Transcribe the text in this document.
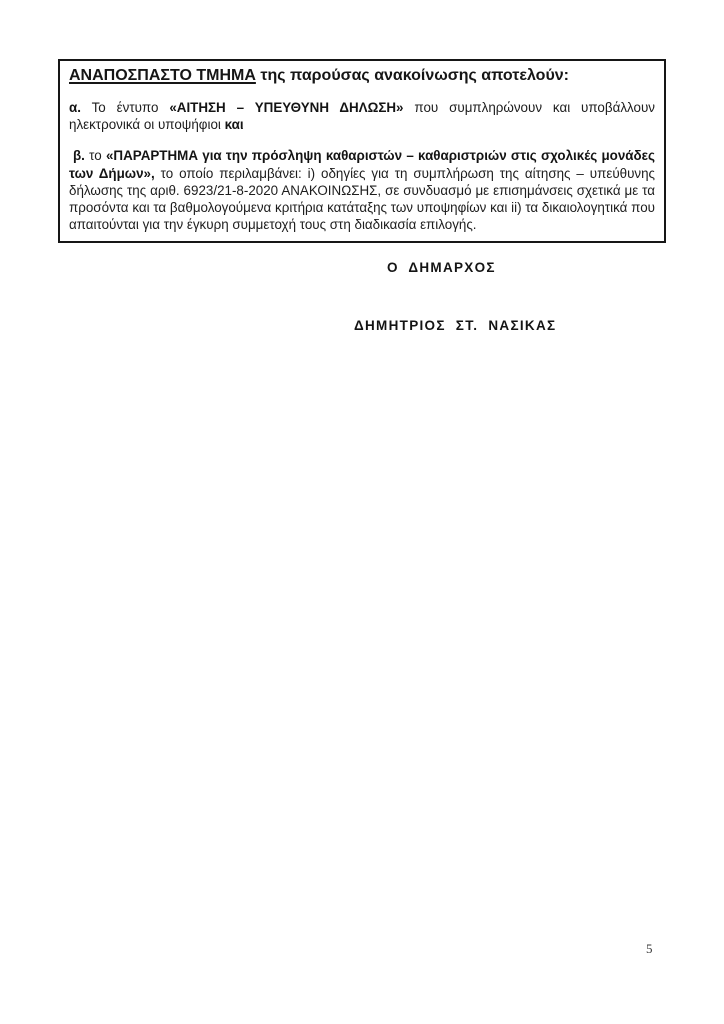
ΑΝΑΠΟΣΠΑΣΤΟ ΤΜΗΜΑ της παρούσας ανακοίνωσης αποτελούν:

α. Το έντυπο «ΑΙΤΗΣΗ – ΥΠΕΥΘΥΝΗ ΔΗΛΩΣΗ» που συμπληρώνουν και υποβάλλουν ηλεκτρονικά οι υποψήφιοι και

β. το «ΠΑΡΑΡΤΗΜΑ για την πρόσληψη καθαριστών – καθαριστριών στις σχολικές μονάδες των Δήμων», το οποίο περιλαμβάνει: i) οδηγίες για τη συμπλήρωση της αίτησης – υπεύθυνης δήλωσης της αριθ. 6923/21-8-2020 ΑΝΑΚΟΙΝΩΣΗΣ, σε συνδυασμό με επισημάνσεις σχετικά με τα προσόντα και τα βαθμολογούμενα κριτήρια κατάταξης των υποψηφίων και ii) τα δικαιολογητικά που απαιτούνται για την έγκυρη συμμετοχή τους στη διαδικασία επιλογής.

Ο ΔΗΜΑΡΧΟΣ
ΔΗΜΗΤΡΙΟΣ ΣΤ. ΝΑΣΙΚΑΣ
5
